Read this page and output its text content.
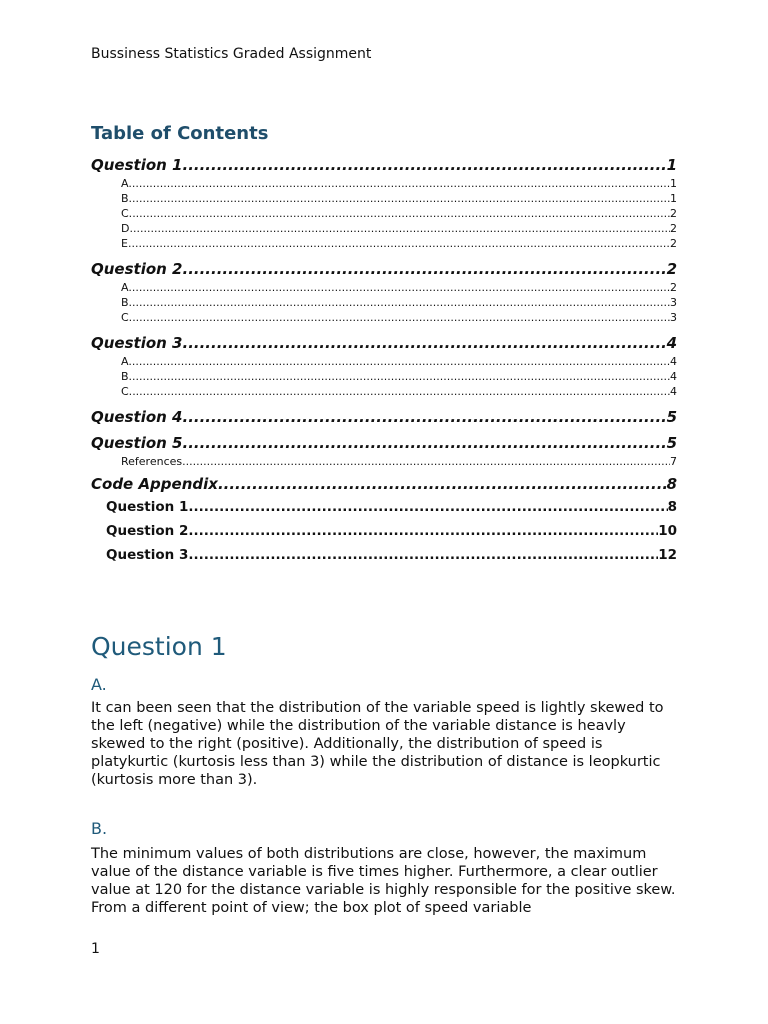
Bussiness Statistics Graded Assignment
Table of Contents
Question 1 .....	1
A. .....	1
B. .....	1
C. .....	2
D. .....	2
E. .....	2
Question 2 .....	2
A. .....	2
B. .....	3
C. .....	3
Question 3 .....	4
A. .....	4
B. .....	4
C. .....	4
Question 4 .....	5
Question 5 .....	5
References .....	7
Code Appendix .....	8
Question 1 .....	8
Question 2 .....	10
Question 3 .....	12
Question 1
A.

It can been seen that the distribution of the variable speed is lightly skewed to the left (negative) while the distribution of the variable distance is heavly skewed to the right (positive). Additionally, the distribution of speed is platykurtic (kurtosis less than 3) while the distribution of distance is leopkurtic (kurtosis more than 3).

B.

The minimum values of both distributions are close, however, the maximum value of the distance variable is five times higher. Furthermore, a clear outlier value at 120 for the distance variable is highly responsible for the positive skew. From a different point of view; the box plot of speed variable

1
